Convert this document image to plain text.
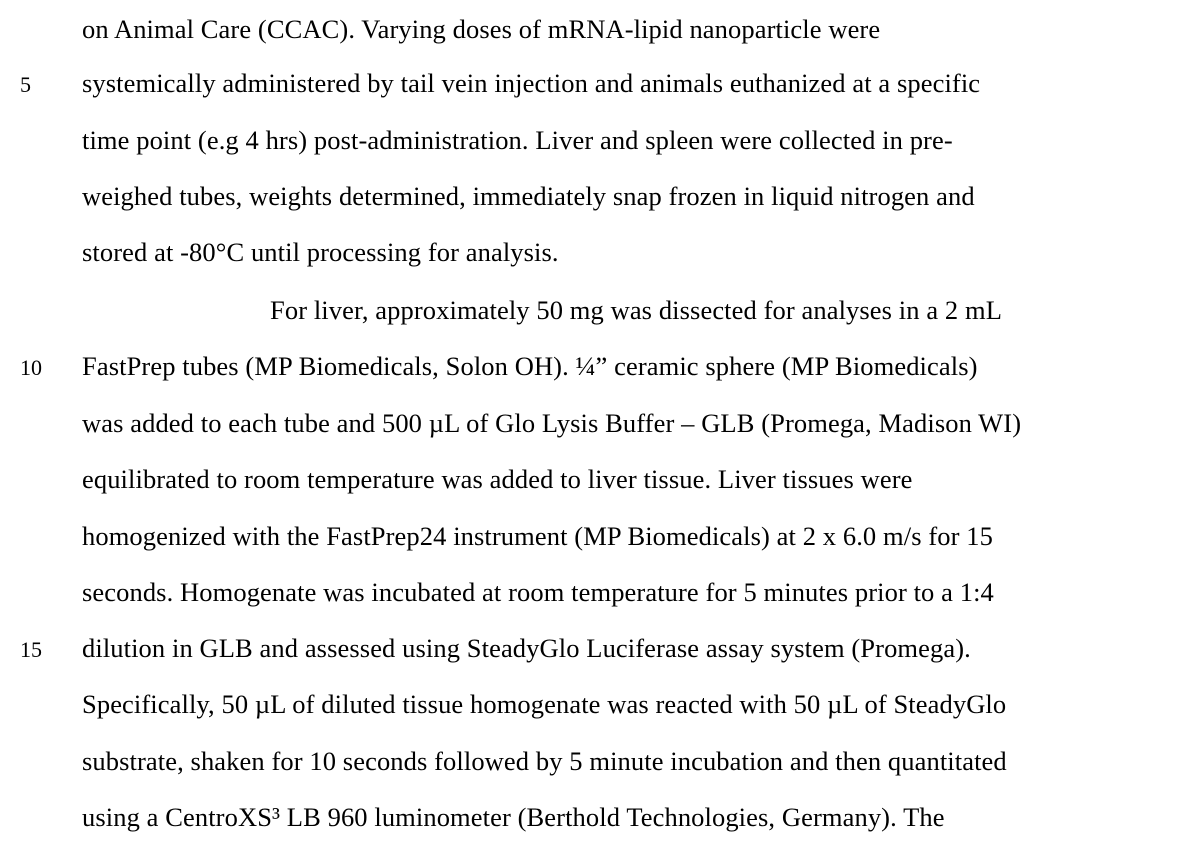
on Animal Care (CCAC). Varying doses of mRNA-lipid nanoparticle were
5 systemically administered by tail vein injection and animals euthanized at a specific
time point (e.g 4 hrs) post-administration. Liver and spleen were collected in pre-
weighed tubes, weights determined, immediately snap frozen in liquid nitrogen and
stored at -80°C until processing for analysis.
For liver, approximately 50 mg was dissected for analyses in a 2 mL
10 FastPrep tubes (MP Biomedicals, Solon OH). ¼” ceramic sphere (MP Biomedicals)
was added to each tube and 500 µL of Glo Lysis Buffer – GLB (Promega, Madison WI)
equilibrated to room temperature was added to liver tissue. Liver tissues were
homogenized with the FastPrep24 instrument (MP Biomedicals) at 2 x 6.0 m/s for 15
seconds. Homogenate was incubated at room temperature for 5 minutes prior to a 1:4
15 dilution in GLB and assessed using SteadyGlo Luciferase assay system (Promega).
Specifically, 50 µL of diluted tissue homogenate was reacted with 50 µL of SteadyGlo
substrate, shaken for 10 seconds followed by 5 minute incubation and then quantitated
using a CentroXS³ LB 960 luminometer (Berthold Technologies, Germany). The
